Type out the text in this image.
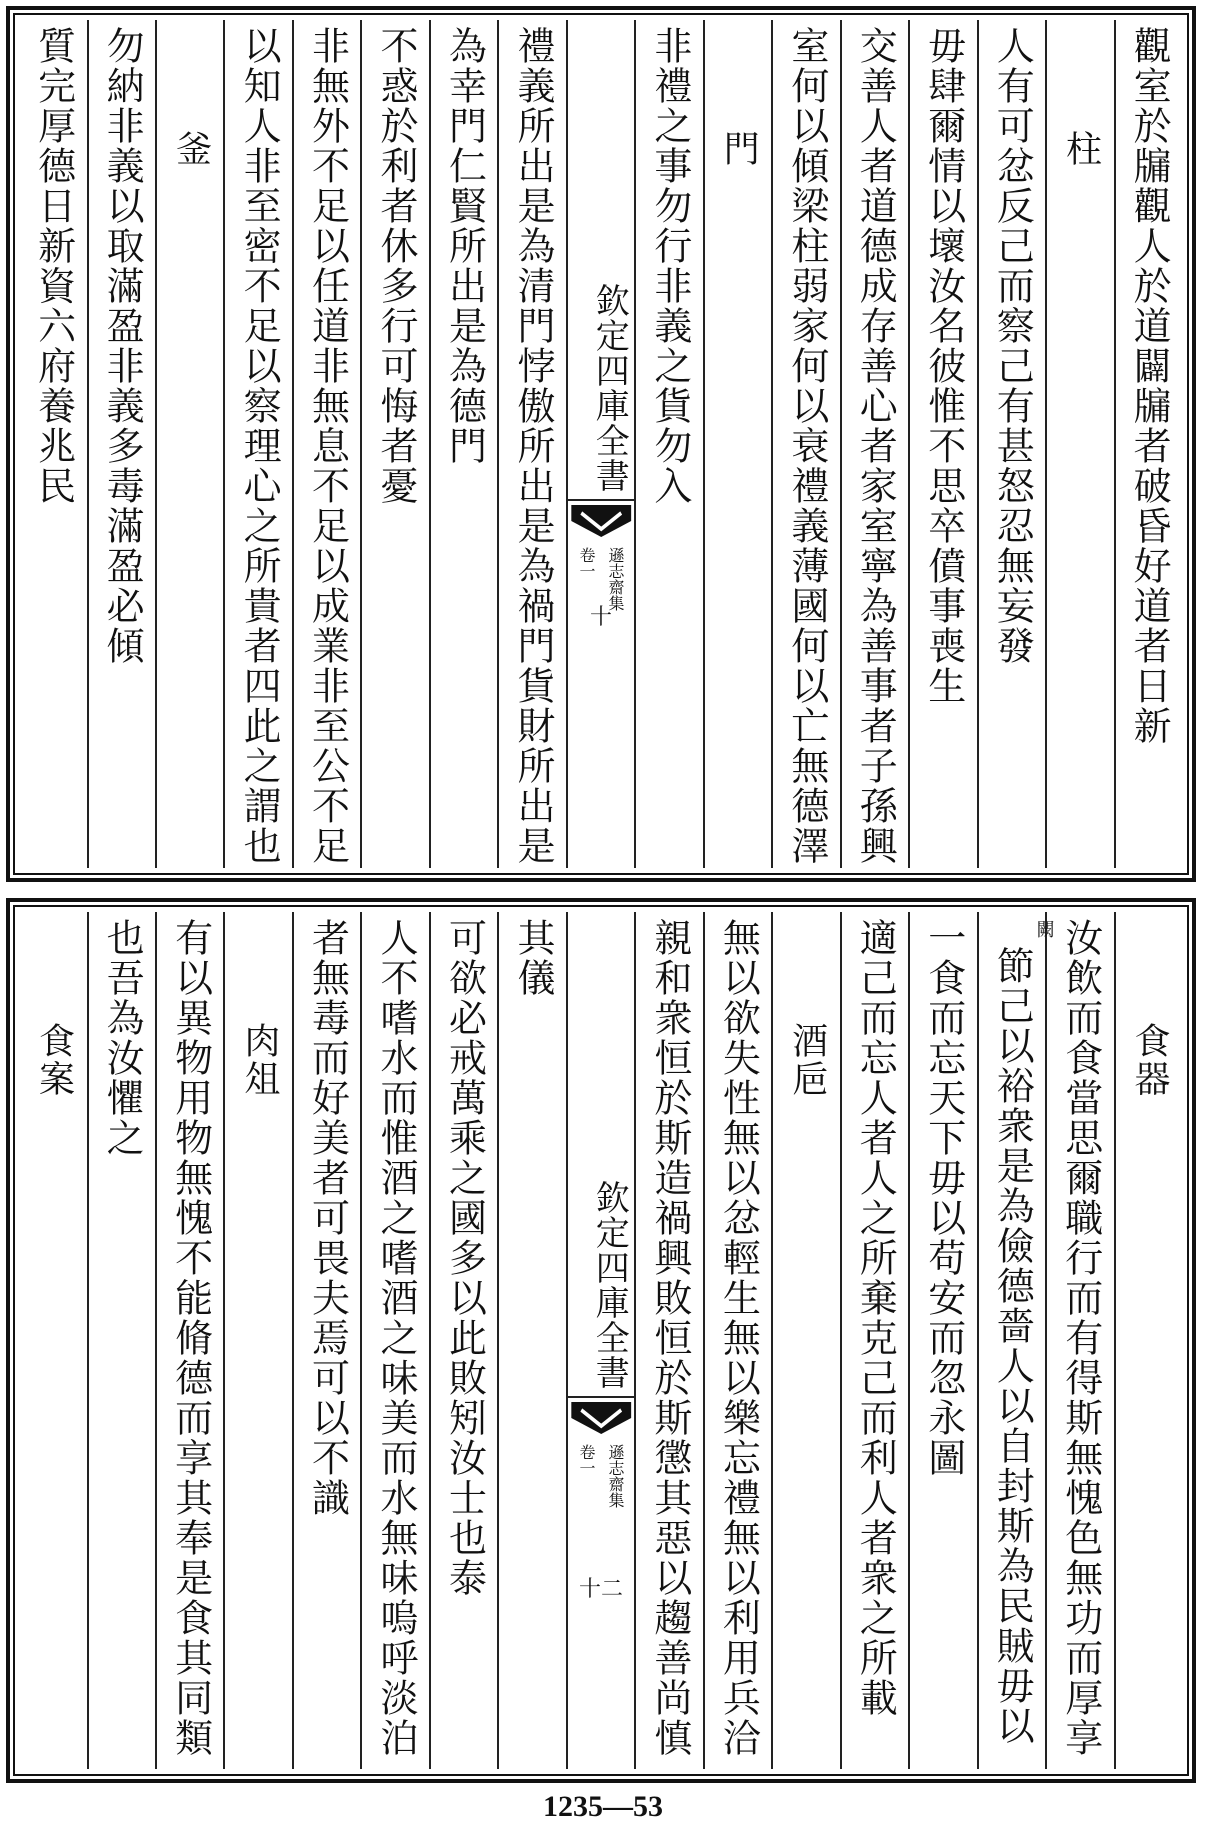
觀室於牖觀人於道闢牖者破昏好道者日新
柱
人有可忿反己而察己有甚怒忍無妄發
毋肆爾情以壞汝名彼惟不思卒僨事喪生
交善人者道德成存善心者家室寧為善事者子孫興
室何以傾梁柱弱家何以衰禮義薄國何以亡無德澤
門
非禮之事勿行非義之貨勿入
欽定四庫全書
遜志齋集
卷一
十
禮義所出是為清門悖傲所出是為禍門貨財所出是
為幸門仁賢所出是為德門
不惑於利者休多行可悔者憂
非無外不足以任道非無息不足以成業非至公不足
以知人非至密不足以察理心之所貴者四此之謂也
釜
勿納非義以取滿盈非義多毒滿盈必傾
質完厚德日新資六府養兆民
食器
汝飲而食當思爾職行而有得斯無愧色無功而厚享
闕
節己以裕衆是為儉德嗇人以自封斯為民賊毋以
一食而忘天下毋以苟安而忽永圖
適己而忘人者人之所棄克己而利人者衆之所載
酒巵
無以欲失性無以忿輕生無以樂忘禮無以利用兵洽
親和衆恒於斯造禍興敗恒於斯懲其惡以趨善尚慎
欽定四庫全書
遜志齋集
卷一
十二
其儀
可欲必戒萬乘之國多以此敗矧汝士也泰
人不嗜水而惟酒之嗜酒之味美而水無味嗚呼淡泊
者無毒而好美者可畏夫焉可以不識
肉俎
有以異物用物無愧不能脩德而享其奉是食其同類
也吾為汝懼之
食案
1235—53
